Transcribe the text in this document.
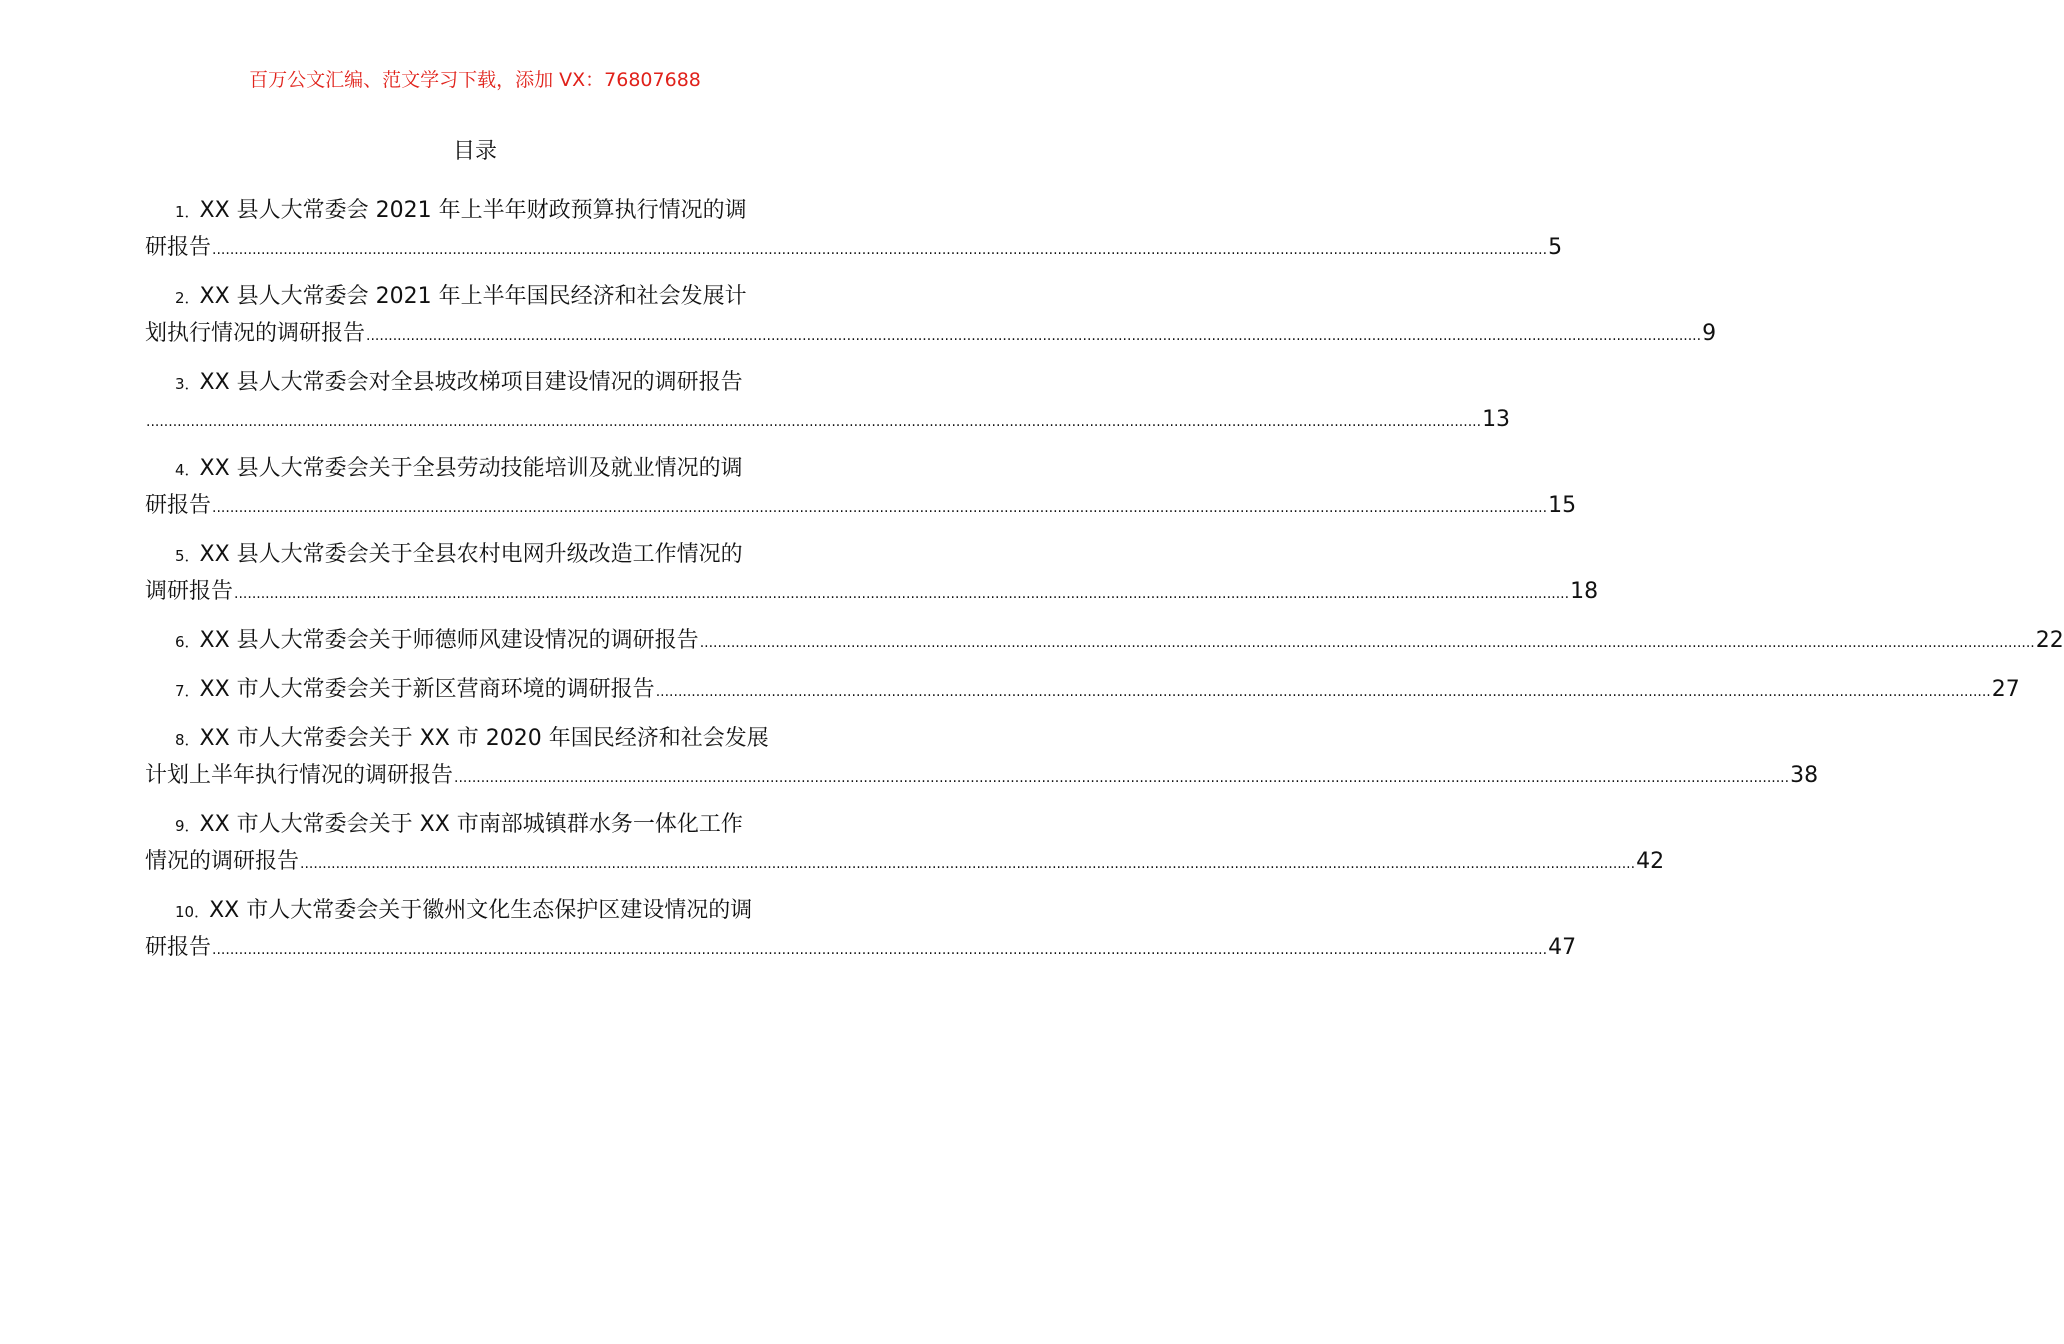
百万公文汇编、范文学习下载，添加 VX：76807688
目录
1．XX 县人大常委会 2021 年上半年财政预算执行情况的调
研报告 ............................................................................................................................................................................................................................................................................................................ 5
2．XX 县人大常委会 2021 年上半年国民经济和社会发展计
划执行情况的调研报告 ............................................................................................................................................................................................................................................................................................................ 9
3．XX 县人大常委会对全县坡改梯项目建设情况的调研报告
............................................................................................................................................................................................................................................................................................................ 13
4．XX 县人大常委会关于全县劳动技能培训及就业情况的调
研报告 ............................................................................................................................................................................................................................................................................................................ 15
5．XX 县人大常委会关于全县农村电网升级改造工作情况的
调研报告 ............................................................................................................................................................................................................................................................................................................ 18
6．XX 县人大常委会关于师德师风建设情况的调研报告 ............................................................................................................................................................................................................................................................................................................ 22
7．XX 市人大常委会关于新区营商环境的调研报告 ............................................................................................................................................................................................................................................................................................................ 27
8．XX 市人大常委会关于 XX 市 2020 年国民经济和社会发展
计划上半年执行情况的调研报告 ............................................................................................................................................................................................................................................................................................................ 38
9．XX 市人大常委会关于 XX 市南部城镇群水务一体化工作
情况的调研报告 ............................................................................................................................................................................................................................................................................................................ 42
10．XX 市人大常委会关于徽州文化生态保护区建设情况的调
研报告 ............................................................................................................................................................................................................................................................................................................ 47
